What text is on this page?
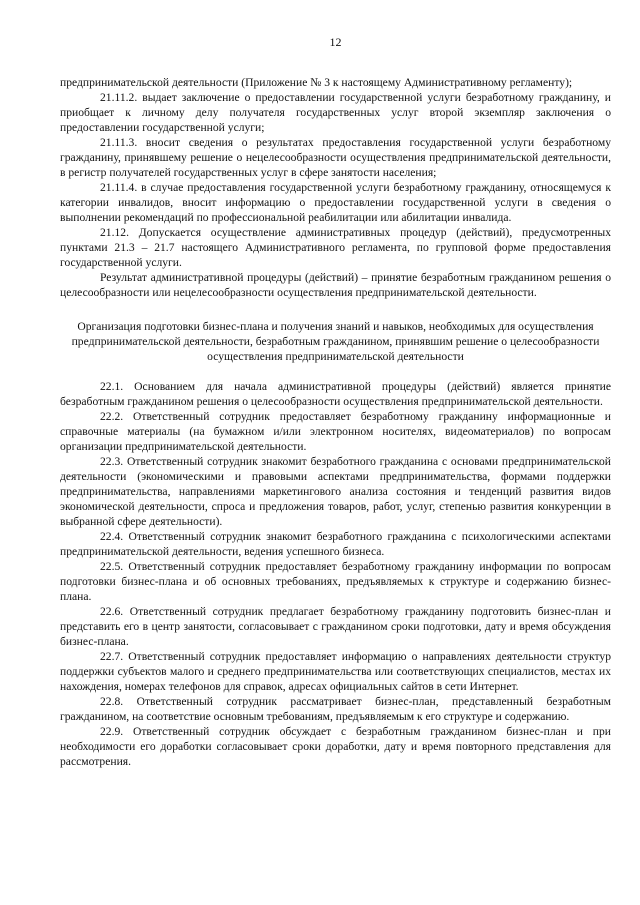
12

предпринимательской деятельности (Приложение № 3 к настоящему Административному регламенту);

21.11.2. выдает заключение о предоставлении государственной услуги безработному гражданину, и приобщает к личному делу получателя государственных услуг второй экземпляр заключения о предоставлении государственной услуги;

21.11.3. вносит сведения о результатах предоставления государственной услуги безработному гражданину, принявшему решение о нецелесообразности осуществления предпринимательской деятельности, в регистр получателей государственных услуг в сфере занятости населения;

21.11.4. в случае предоставления государственной услуги безработному гражданину, относящемуся к категории инвалидов, вносит информацию о предоставлении государственной услуги в сведения о выполнении рекомендаций по профессиональной реабилитации или абилитации инвалида.

21.12. Допускается осуществление административных процедур (действий), предусмотренных пунктами 21.3 – 21.7 настоящего Административного регламента, по групповой форме предоставления государственной услуги.

Результат административной процедуры (действий) – принятие безработным гражданином решения о целесообразности или нецелесообразности осуществления предпринимательской деятельности.

Организация подготовки бизнес-плана и получения знаний и навыков, необходимых для осуществления предпринимательской деятельности, безработным гражданином, принявшим решение о целесообразности осуществления предпринимательской деятельности

22.1. Основанием для начала административной процедуры (действий) является принятие безработным гражданином решения о целесообразности осуществления предпринимательской деятельности.

22.2. Ответственный сотрудник предоставляет безработному гражданину информационные и справочные материалы (на бумажном и/или электронном носителях, видеоматериалов) по вопросам организации предпринимательской деятельности.

22.3. Ответственный сотрудник знакомит безработного гражданина с основами предпринимательской деятельности (экономическими и правовыми аспектами предпринимательства, формами поддержки предпринимательства, направлениями маркетингового анализа состояния и тенденций развития видов экономической деятельности, спроса и предложения товаров, работ, услуг, степенью развития конкуренции в выбранной сфере деятельности).

22.4. Ответственный сотрудник знакомит безработного гражданина с психологическими аспектами предпринимательской деятельности, ведения успешного бизнеса.

22.5. Ответственный сотрудник предоставляет безработному гражданину информации по вопросам подготовки бизнес-плана и об основных требованиях, предъявляемых к структуре и содержанию бизнес-плана.

22.6. Ответственный сотрудник предлагает безработному гражданину подготовить бизнес-план и представить его в центр занятости, согласовывает с гражданином сроки подготовки, дату и время обсуждения бизнес-плана.

22.7. Ответственный сотрудник предоставляет информацию о направлениях деятельности структур поддержки субъектов малого и среднего предпринимательства или соответствующих специалистов, местах их нахождения, номерах телефонов для справок, адресах официальных сайтов в сети Интернет.

22.8. Ответственный сотрудник рассматривает бизнес-план, представленный безработным гражданином, на соответствие основным требованиям, предъявляемым к его структуре и содержанию.

22.9. Ответственный сотрудник обсуждает с безработным гражданином бизнес-план и при необходимости его доработки согласовывает сроки доработки, дату и время повторного представления для рассмотрения.
